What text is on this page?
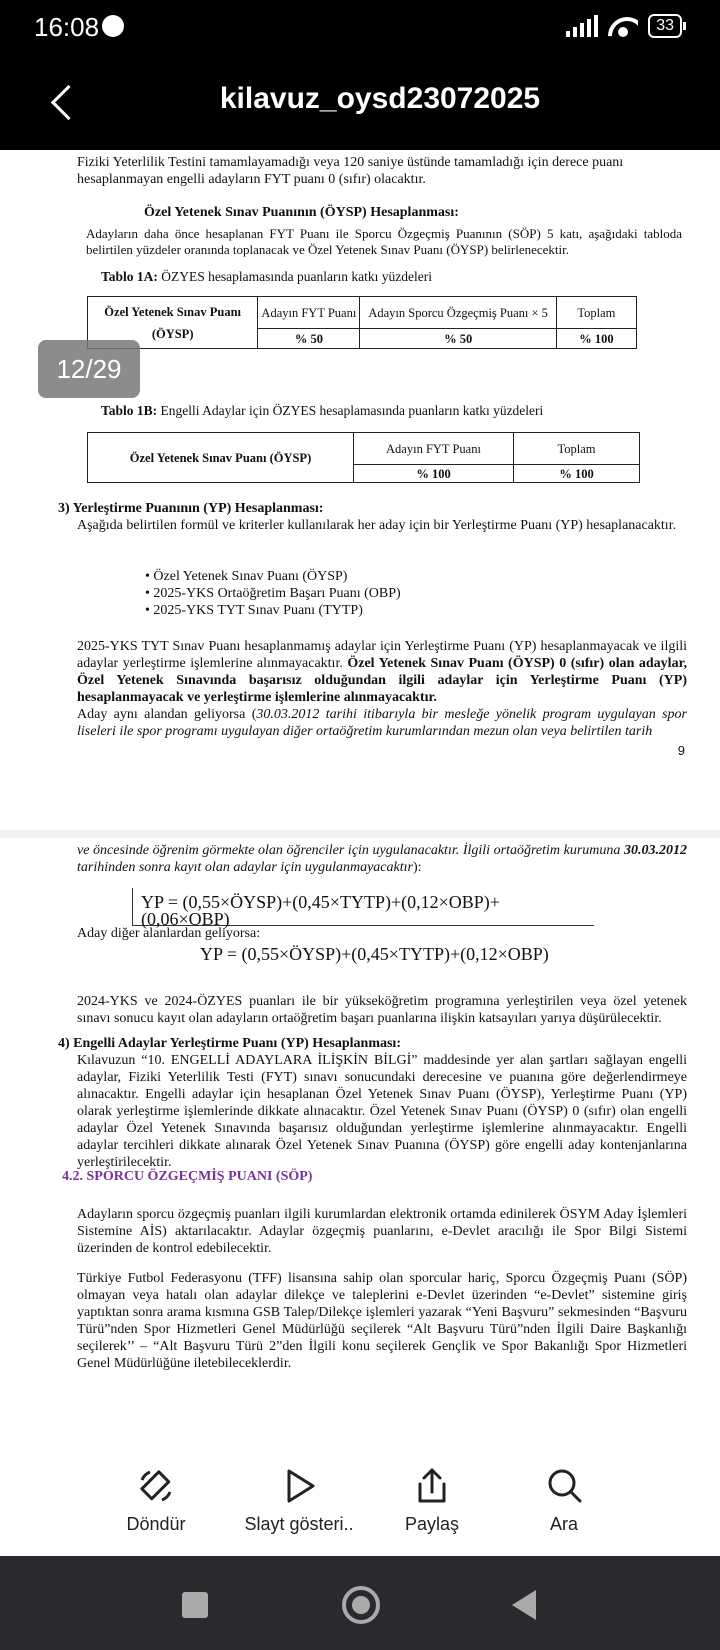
16:08	33
kilavuz_oysd23072025
12/29
Fiziki Yeterlilik Testini tamamlayamadığı veya 120 saniye üstünde tamamladığı için derece puanı
hesaplanmayan engelli adayların FYT puanı 0 (sıfır) olacaktır.
Özel Yetenek Sınav Puanının (ÖYSP) Hesaplanması:
Adayların daha önce hesaplanan FYT Puanı ile Sporcu Özgeçmiş Puanının (SÖP) 5 katı, aşağıdaki tabloda belirtilen yüzdeler oranında toplanacak ve Özel Yetenek Sınav Puanı (ÖYSP) belirlenecektir.
Tablo 1A: ÖZYES hesaplamasında puanların katkı yüzdeleri
Özel Yetenek Sınav Puanı (ÖYSP)	Adayın FYT Puanı	Adayın Sporcu Özgeçmiş Puanı × 5	Toplam
	% 50	% 50	% 100
Tablo 1B: Engelli Adaylar için ÖZYES hesaplamasında puanların katkı yüzdeleri
Özel Yetenek Sınav Puanı (ÖYSP)	Adayın FYT Puanı	Toplam
	% 100	% 100
3) Yerleştirme Puanının (YP) Hesaplanması:
Aşağıda belirtilen formül ve kriterler kullanılarak her aday için bir Yerleştirme Puanı (YP) hesaplanacaktır.
• Özel Yetenek Sınav Puanı (ÖYSP)
• 2025-YKS Ortaöğretim Başarı Puanı (OBP)
• 2025-YKS TYT Sınav Puanı (TYTP)
2025-YKS TYT Sınav Puanı hesaplanmamış adaylar için Yerleştirme Puanı (YP) hesaplanmayacak ve ilgili adaylar yerleştirme işlemlerine alınmayacaktır. Özel Yetenek Sınav Puanı (ÖYSP) 0 (sıfır) olan adaylar, Özel Yetenek Sınavında başarısız olduğundan ilgili adaylar için Yerleştirme Puanı (YP) hesaplanmayacak ve yerleştirme işlemlerine alınmayacaktır.
Aday aynı alandan geliyorsa (30.03.2012 tarihi itibarıyla bir mesleğe yönelik program uygulayan spor liseleri ile spor programı uygulayan diğer ortaöğretim kurumlarından mezun olan veya belirtilen tarih
9
ve öncesinde öğrenim görmekte olan öğrenciler için uygulanacaktır. İlgili ortaöğretim kurumuna 30.03.2012 tarihinden sonra kayıt olan adaylar için uygulanmayacaktır):
YP = (0,55×ÖYSP)+(0,45×TYTP)+(0,12×OBP)+(0,06×OBP)
Aday diğer alanlardan geliyorsa:
YP = (0,55×ÖYSP)+(0,45×TYTP)+(0,12×OBP)
2024-YKS ve 2024-ÖZYES puanları ile bir yükseköğretim programına yerleştirilen veya özel yetenek sınavı sonucu kayıt olan adayların ortaöğretim başarı puanlarına ilişkin katsayıları yarıya düşürülecektir.
4) Engelli Adaylar Yerleştirme Puanı (YP) Hesaplanması:
Kılavuzun “10. ENGELLİ ADAYLARA İLİŞKİN BİLGİ” maddesinde yer alan şartları sağlayan engelli adaylar, Fiziki Yeterlilik Testi (FYT) sınavı sonucundaki derecesine ve puanına göre değerlendirmeye alınacaktır. Engelli adaylar için hesaplanan Özel Yetenek Sınav Puanı (ÖYSP), Yerleştirme Puanı (YP) olarak yerleştirme işlemlerinde dikkate alınacaktır. Özel Yetenek Sınav Puanı (ÖYSP) 0 (sıfır) olan engelli adaylar Özel Yetenek Sınavında başarısız olduğundan yerleştirme işlemlerine alınmayacaktır. Engelli adaylar tercihleri dikkate alınarak Özel Yetenek Sınav Puanına (ÖYSP) göre engelli aday kontenjanlarına yerleştirilecektir.
4.2. SPORCU ÖZGEÇMİŞ PUANI (SÖP)
Adayların sporcu özgeçmiş puanları ilgili kurumlardan elektronik ortamda edinilerek ÖSYM Aday İşlemleri Sistemine AİS) aktarılacaktır. Adaylar özgeçmiş puanlarını, e-Devlet aracılığı ile Spor Bilgi Sistemi üzerinden de kontrol edebilecektir.
Türkiye Futbol Federasyonu (TFF) lisansına sahip olan sporcular hariç, Sporcu Özgeçmiş Puanı (SÖP) olmayan veya hatalı olan adaylar dilekçe ve taleplerini e-Devlet üzerinden “e-Devlet” sistemine giriş yaptıktan sonra arama kısmına GSB Talep/Dilekçe işlemleri yazarak “Yeni Başvuru” sekmesinden “Başvuru Türü”nden Spor Hizmetleri Genel Müdürlüğü seçilerek “Alt Başvuru Türü”nden İlgili Daire Başkanlığı seçilerek’’ – “Alt Başvuru Türü 2”den İlgili konu seçilerek Gençlik ve Spor Bakanlığı Spor Hizmetleri Genel Müdürlüğüne iletebileceklerdir.
Döndür	Slayt gösteri..	Paylaş	Ara
